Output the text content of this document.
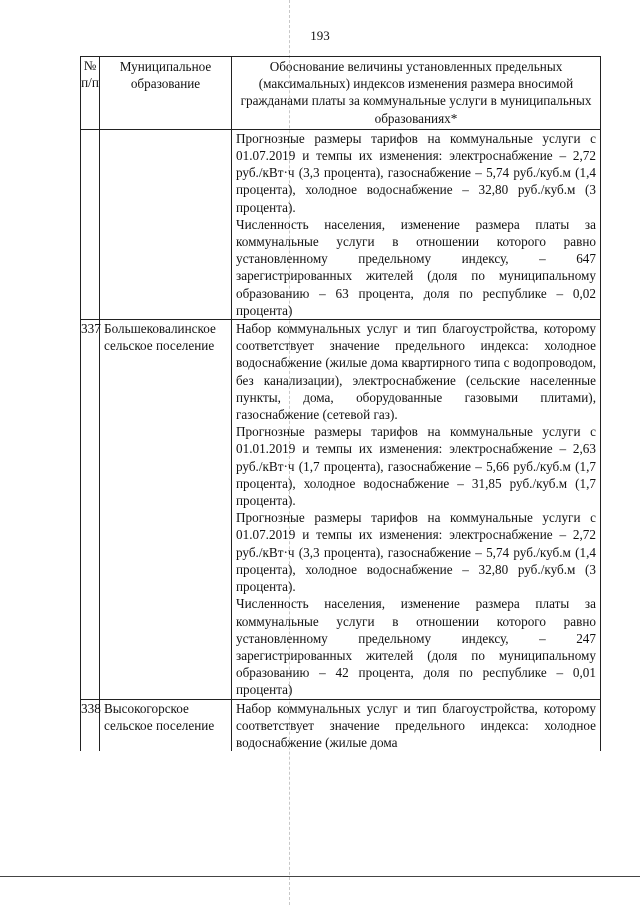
193
№ п/п	Муниципальное образование	Обоснование величины установленных предельных (максимальных) индексов изменения размера вносимой гражданами платы за коммунальные услуги в муниципальных образованиях*

		Прогнозные размеры тарифов на коммунальные услуги с 01.07.2019 и темпы их изменения: электроснабжение – 2,72 руб./кВт·ч (3,3 процента), газоснабжение – 5,74 руб./куб.м (1,4 процента), холодное водоснабжение – 32,80 руб./куб.м (3 процента).

Численность населения, изменение размера платы за коммунальные услуги в отношении которого равно установленному предельному индексу, – 647 зарегистрированных жителей (доля по муниципальному образованию – 63 процента, доля по республике – 0,02 процента)

337	Большековалинское сельское поселение	Набор коммунальных услуг и тип благоустройства, которому соответствует значение предельного индекса: холодное водоснабжение (жилые дома квартирного типа с водопроводом, без канализации), электроснабжение (сельские населенные пункты, дома, оборудованные газовыми плитами), газоснабжение (сетевой газ).

Прогнозные размеры тарифов на коммунальные услуги с 01.01.2019 и темпы их изменения: электроснабжение – 2,63 руб./кВт·ч (1,7 процента), газоснабжение – 5,66 руб./куб.м (1,7 процента), холодное водоснабжение – 31,85 руб./куб.м (1,7 процента).

Прогнозные размеры тарифов на коммунальные услуги с 01.07.2019 и темпы их изменения: электроснабжение – 2,72 руб./кВт·ч (3,3 процента), газоснабжение – 5,74 руб./куб.м (1,4 процента), холодное водоснабжение – 32,80 руб./куб.м (3 процента).

Численность населения, изменение размера платы за коммунальные услуги в отношении которого равно установленному предельному индексу, – 247 зарегистрированных жителей (доля по муниципальному образованию – 42 процента, доля по республике – 0,01 процента)

338	Высокогорское сельское поселение	Набор коммунальных услуг и тип благоустройства, которому соответствует значение предельного индекса: холодное водоснабжение (жилые дома
